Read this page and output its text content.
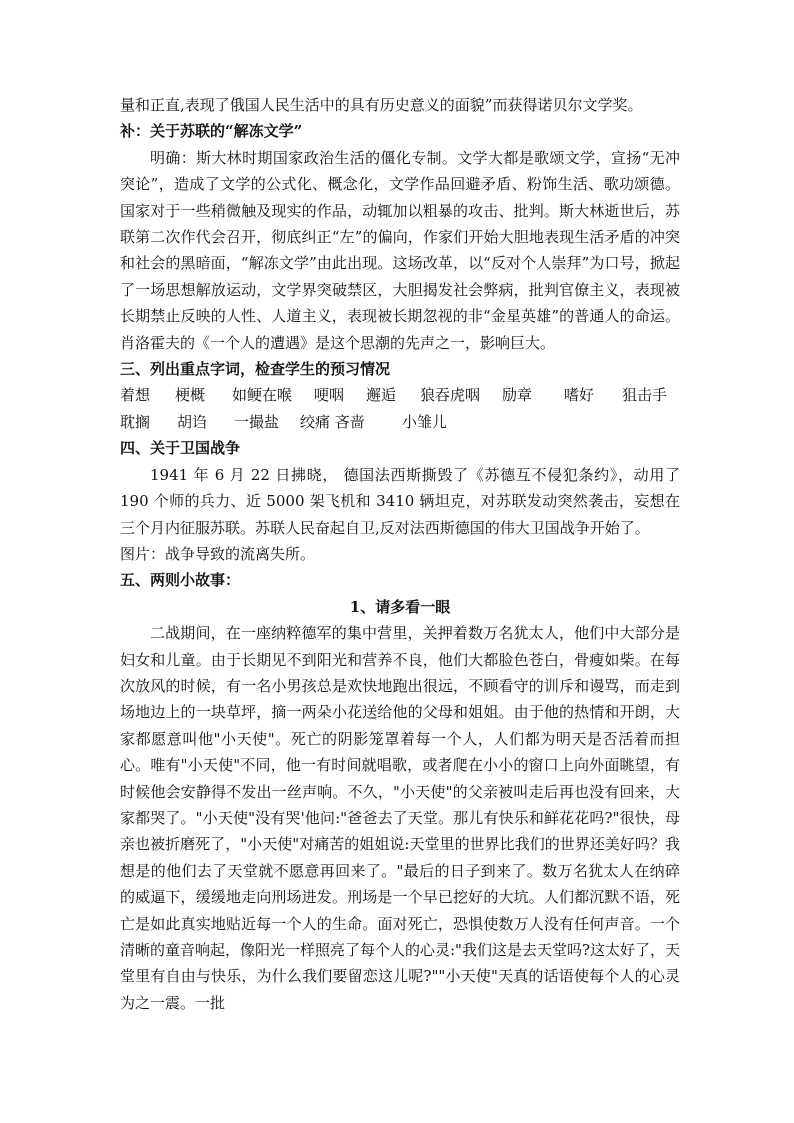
量和正直,表现了俄国人民生活中的具有历史意义的面貌”而获得诺贝尔文学奖。

补：关于苏联的“解冻文学”

明确：斯大林时期国家政治生活的僵化专制。文学大都是歌颂文学，宣扬“无冲突论”，造成了文学的公式化、概念化，文学作品回避矛盾、粉饰生活、歌功颂德。国家对于一些稍微触及现实的作品，动辄加以粗暴的攻击、批判。斯大林逝世后，苏联第二次作代会召开，彻底纠正“左”的偏向，作家们开始大胆地表现生活矛盾的冲突和社会的黑暗面，“解冻文学”由此出现。这场改革，以“反对个人崇拜”为口号，掀起了一场思想解放运动，文学界突破禁区，大胆揭发社会弊病，批判官僚主义，表现被长期禁止反映的人性、人道主义，表现被长期忽视的非“金星英雄”的普通人的命运。肖洛霍夫的《一个人的遭遇》是这个思潮的先声之一，影响巨大。

三、列出重点字词，检查学生的预习情况

着想	梗概	如鲠在喉	哽咽	邂逅	狼吞虎咽	励章	嗜好	狙击手
耽搁	胡诌	一撮盐	绞痛 吝啬	小雏儿

四、关于卫国战争

1941 年 6 月 22 日拂晓， 德国法西斯撕毁了《苏德互不侵犯条约》，动用了190 个师的兵力、近 5000 架飞机和 3410 辆坦克，对苏联发动突然袭击，妄想在三个月内征服苏联。苏联人民奋起自卫,反对法西斯德国的伟大卫国战争开始了。

图片：战争导致的流离失所。

五、两则小故事：

1、请多看一眼

二战期间，在一座纳粹德军的集中营里，关押着数万名犹太人，他们中大部分是妇女和儿童。由于长期见不到阳光和营养不良，他们大都脸色苍白，骨瘦如柴。在每次放风的时候，有一名小男孩总是欢快地跑出很远，不顾看守的训斥和谩骂，而走到场地边上的一块草坪，摘一两朵小花送给他的父母和姐姐。由于他的热情和开朗，大家都愿意叫他"小天使"。死亡的阴影笼罩着每一个人，人们都为明天是否活着而担心。唯有"小天使"不同，他一有时间就唱歌，或者爬在小小的窗口上向外面眺望，有时候他会安静得不发出一丝声响。不久，"小天使"的父亲被叫走后再也没有回来，大家都哭了。"小天使"没有哭'他问:"爸爸去了天堂。那儿有快乐和鲜花花吗?"很快，母亲也被折磨死了，"小天使"对痛苦的姐姐说:天堂里的世界比我们的世界还美好吗？我想是的他们去了天堂就不愿意再回来了。"最后的日子到来了。数万名犹太人在纳碎的威逼下，缓缓地走向刑场进发。刑场是一个早已挖好的大坑。人们都沉默不语，死亡是如此真实地贴近每一个人的生命。面对死亡，恐惧使数万人没有任何声音。一个清晰的童音响起，像阳光一样照亮了每个人的心灵:"我们这是去天堂吗?这太好了，天堂里有自由与快乐，为什么我们要留恋这儿呢?""小天使"天真的话语使每个人的心灵为之一震。一批
